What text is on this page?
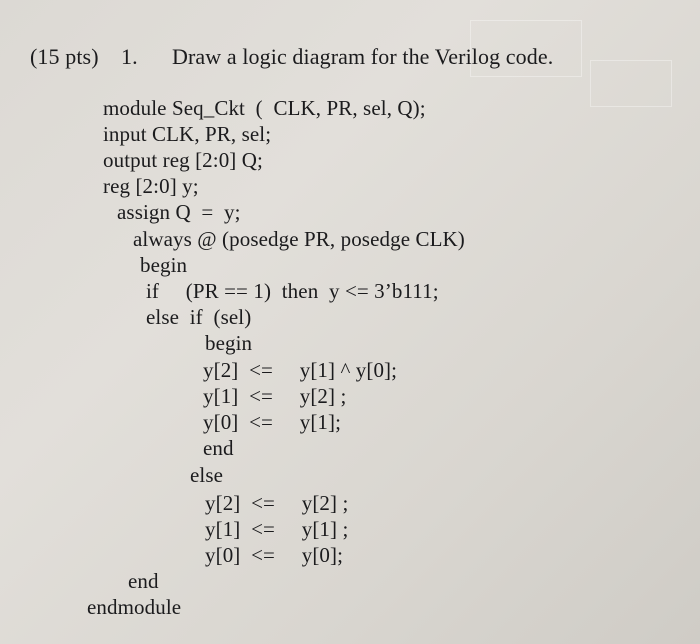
(15 pts) 1. Draw a logic diagram for the Verilog code.
module Seq_Ckt  (  CLK, PR, sel, Q);
input CLK, PR, sel;
output reg [2:0] Q;
reg [2:0] y;
assign Q  =  y;
always @ (posedge PR, posedge CLK)
begin
if     (PR == 1)  then  y <= 3’b111;
else  if  (sel)
begin
y[2]  <=     y[1] ^ y[0];
y[1]  <=     y[2] ;
y[0]  <=     y[1];
end
else
y[2]  <=     y[2] ;
y[1]  <=     y[1] ;
y[0]  <=     y[0];
end
endmodule
